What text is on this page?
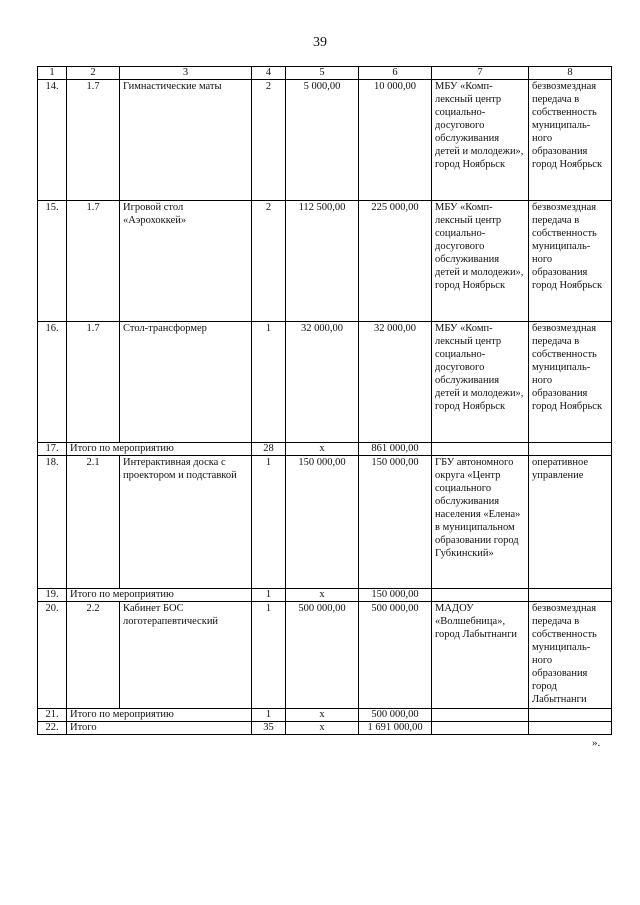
39
1	2	3	4	5	6	7	8
14.	1.7	Гимнастические маты	2	5 000,00	10 000,00	МБУ «Комп-лексный центр социально-досугового обслуживания детей и молодежи», город Ноябрьск	безвозмездная передача в собственность муниципаль-ного образования город Ноябрьск
15.	1.7	Игровой стол «Аэрохоккей»	2	112 500,00	225 000,00	МБУ «Комп-лексный центр социально-досугового обслуживания детей и молодежи», город Ноябрьск	безвозмездная передача в собственность муниципаль-ного образования город Ноябрьск
16.	1.7	Стол-трансформер	1	32 000,00	32 000,00	МБУ «Комп-лексный центр социально-досугового обслуживания детей и молодежи», город Ноябрьск	безвозмездная передача в собственность муниципаль-ного образования город Ноябрьск
17.	Итого по мероприятию		28	х	861 000,00		
18.	2.1	Интерактивная доска с проектором и подставкой	1	150 000,00	150 000,00	ГБУ автономного округа «Центр социального обслуживания населения «Елена» в муниципальном образовании город Губкинский»	оперативное управление
19.	Итого по мероприятию		1	х	150 000,00		
20.	2.2	Кабинет БОС логотерапевтический	1	500 000,00	500 000,00	МАДОУ «Волшебница», город Лабытнанги	безвозмездная передача в собственность муниципаль-ного образования город Лабытнанги
21.	Итого по мероприятию		1	х	500 000,00		
22.	Итого		35	х	1 691 000,00		
».
